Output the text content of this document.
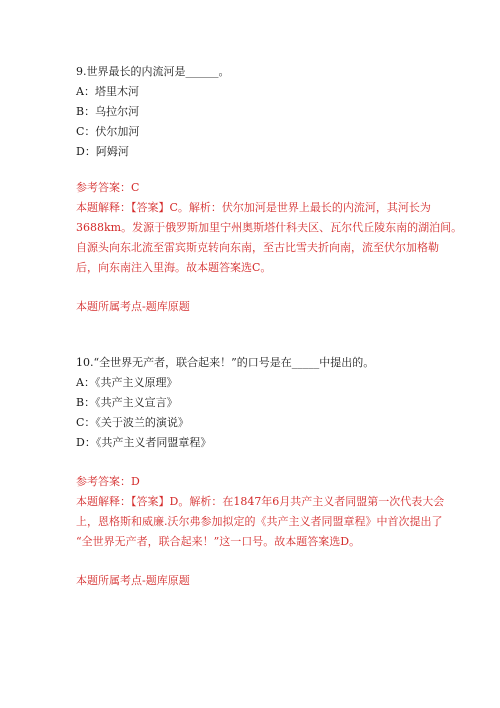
9.世界最长的内流河是______。
A：塔里木河
B：乌拉尔河
C：伏尔加河
D：阿姆河
参考答案：C
本题解释：【答案】C。解析：伏尔加河是世界上最长的内流河，其河长为
3688km。发源于俄罗斯加里宁州奥斯塔什科夫区、瓦尔代丘陵东南的湖泊间。
自源头向东北流至雷宾斯克转向东南，至古比雪夫折向南，流至伏尔加格勒
后，向东南注入里海。故本题答案选C。
本题所属考点-题库原题
10.“全世界无产者，联合起来！”的口号是在_____中提出的。
A：《共产主义原理》
B：《共产主义宣言》
C：《关于波兰的演说》
D：《共产主义者同盟章程》
参考答案：D
本题解释：【答案】D。解析：在1847年6月共产主义者同盟第一次代表大会
上，恩格斯和威廉.沃尔弗参加拟定的《共产主义者同盟章程》中首次提出了
“全世界无产者，联合起来！”这一口号。故本题答案选D。
本题所属考点-题库原题
